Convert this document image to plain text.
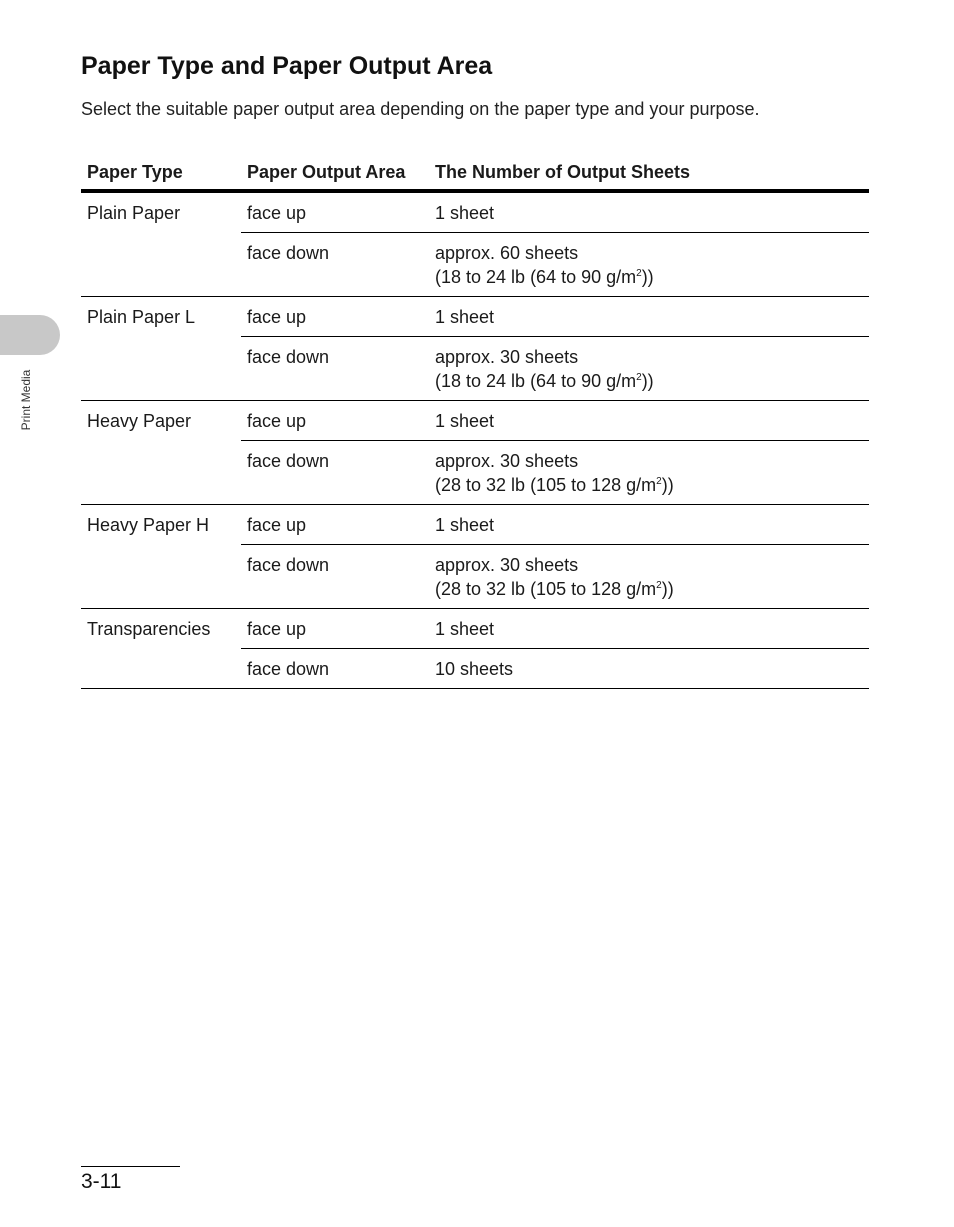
Print Media
Paper Type and Paper Output Area

Select the suitable paper output area depending on the paper type and your purpose.

Paper Type	Paper Output Area	The Number of Output Sheets
Plain Paper	face up	1 sheet
	face down	approx. 60 sheets
(18 to 24 lb (64 to 90 $g/m^2$))

Plain Paper L	face up	1 sheet
	face down	approx. 30 sheets
(18 to 24 lb (64 to 90 $g/m^2$))

Heavy Paper	face up	1 sheet
	face down	approx. 30 sheets
(28 to 32 lb (105 to 128 $g/m^2$))

Heavy Paper H	face up	1 sheet
	face down	approx. 30 sheets
(28 to 32 lb (105 to 128 $g/m^2$))

Transparencies	face up	1 sheet
	face down	10 sheets
3-11
